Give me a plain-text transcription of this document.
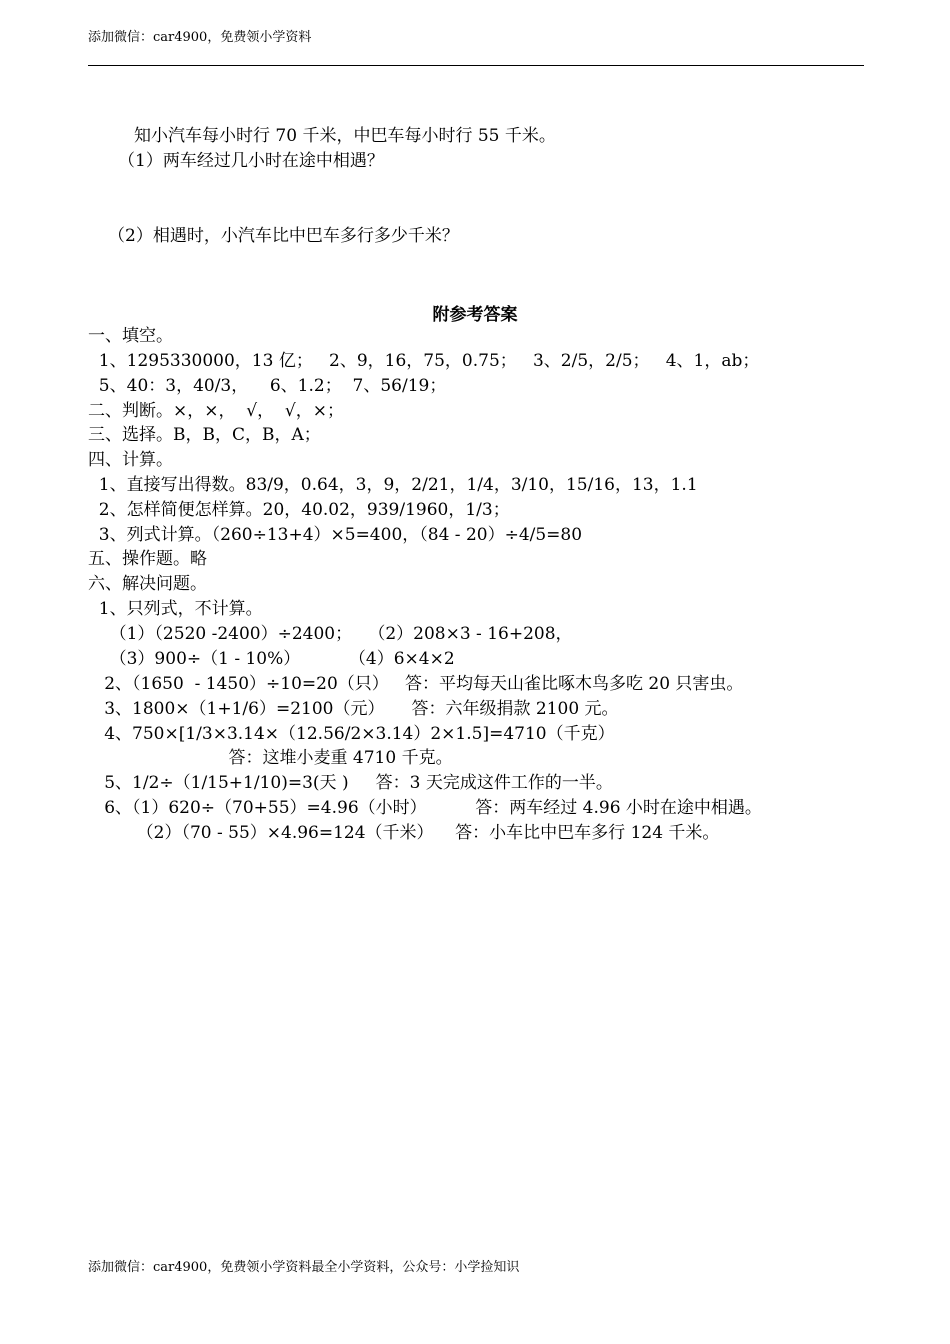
添加微信：car4900，免费领小学资料
知小汽车每小时行 70 千米，中巴车每小时行 55 千米。
（1）两车经过几小时在途中相遇？
（2）相遇时，小汽车比中巴车多行多少千米？
附参考答案
一、填空。
1、1295330000，13 亿；   2、9，16，75，0.75；   3、2/5，2/5；   4、1，ab；
5、40：3，40/3，    6、1.2；  7、56/19；
二、判断。×，×，  √，  √，×；
三、选择。B，B，C，B，A；
四、计算。
1、直接写出得数。83/9，0.64，3，9，2/21，1/4，3/10，15/16，13，1.1
2、怎样简便怎样算。20，40.02，939/1960，1/3；
3、列式计算。（260÷13+4）×5=400，（84 - 20）÷4/5=80
五、操作题。略
六、解决问题。
1、只列式，不计算。
（1）（2520 -2400）÷2400；   （2）208×3 - 16+208，
（3）900÷（1 - 10%）         （4）6×4×2
2、（1650  - 1450）÷10=20（只）   答：平均每天山雀比啄木鸟多吃 20 只害虫。
3、1800×（1+1/6）=2100（元）     答：六年级捐款 2100 元。
4、750×[1/3×3.14×（12.56/2×3.14）2×1.5]=4710（千克）
答：这堆小麦重 4710 千克。
5、1/2÷（1/15+1/10)=3(天 )     答：3 天完成这件工作的一半。
6、（1）620÷（70+55）=4.96（小时）         答：两车经过 4.96 小时在途中相遇。
（2）（70 - 55）×4.96=124（千米）    答：小车比中巴车多行 124 千米。
添加微信：car4900，免费领小学资料最全小学资料，公众号：小学捡知识
